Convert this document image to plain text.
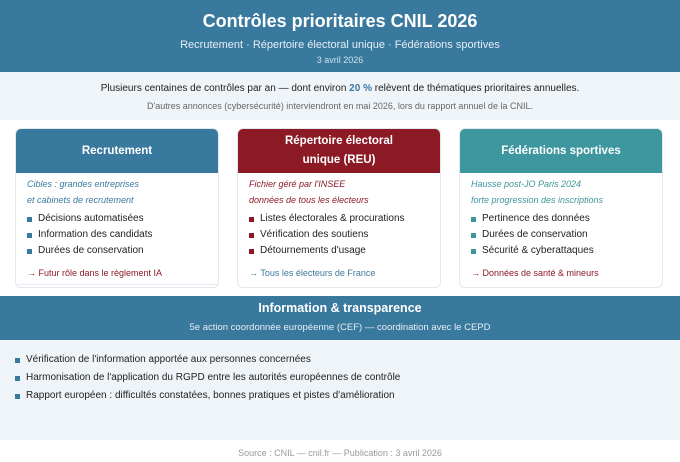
Contrôles prioritaires CNIL 2026
Recrutement · Répertoire électoral unique · Fédérations sportives
3 avril 2026
Plusieurs centaines de contrôles par an — dont environ 20 % relèvent de thématiques prioritaires annuelles.
D'autres annonces (cybersécurité) interviendront en mai 2026, lors du rapport annuel de la CNIL.
Recrutement
Cibles : grandes entreprises
et cabinets de recrutement
Décisions automatisées
Information des candidats
Durées de conservation
→ Futur rôle dans le règlement IA
Répertoire électoral unique (REU)
Fichier géré par l'INSEE
données de tous les électeurs
Listes électorales & procurations
Vérification des soutiens
Détournements d'usage
→ Tous les électeurs de France
Fédérations sportives
Hausse post-JO Paris 2024
forte progression des inscriptions
Pertinence des données
Durées de conservation
Sécurité & cyberattaques
→ Données de santé & mineurs
Information & transparence
5e action coordonnée européenne (CEF) — coordination avec le CEPD
Vérification de l'information apportée aux personnes concernées
Harmonisation de l'application du RGPD entre les autorités européennes de contrôle
Rapport européen : difficultés constatées, bonnes pratiques et pistes d'amélioration
Source : CNIL — cnil.fr — Publication : 3 avril 2026
